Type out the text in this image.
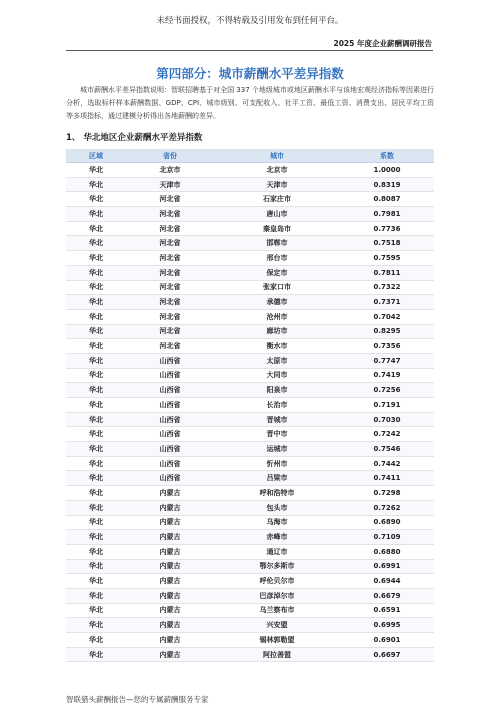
未经书面授权，不得转载及引用发布到任何平台。
2025 年度企业薪酬调研报告
第四部分：城市薪酬水平差异指数
城市薪酬水平差异指数说明：智联招聘基于对全国 337 个地级城市或地区薪酬水平与该地宏观经济指标等因素进行分析，选取标杆样本薪酬数据、GDP、CPI、城市级别、可支配收入、社平工资、最低工资、消费支出、居民平均工资等多项指标，通过建模分析得出各地薪酬的差异。
1、 华北地区企业薪酬水平差异指数
区域	省份	城市	系数
华北	北京市	北京市	1.0000
华北	天津市	天津市	0.8319
华北	河北省	石家庄市	0.8087
华北	河北省	唐山市	0.7981
华北	河北省	秦皇岛市	0.7736
华北	河北省	邯郸市	0.7518
华北	河北省	邢台市	0.7595
华北	河北省	保定市	0.7811
华北	河北省	张家口市	0.7322
华北	河北省	承德市	0.7371
华北	河北省	沧州市	0.7042
华北	河北省	廊坊市	0.8295
华北	河北省	衡水市	0.7356
华北	山西省	太原市	0.7747
华北	山西省	大同市	0.7419
华北	山西省	阳泉市	0.7256
华北	山西省	长治市	0.7191
华北	山西省	晋城市	0.7030
华北	山西省	晋中市	0.7242
华北	山西省	运城市	0.7546
华北	山西省	忻州市	0.7442
华北	山西省	吕梁市	0.7411
华北	内蒙古	呼和浩特市	0.7298
华北	内蒙古	包头市	0.7262
华北	内蒙古	乌海市	0.6890
华北	内蒙古	赤峰市	0.7109
华北	内蒙古	通辽市	0.6880
华北	内蒙古	鄂尔多斯市	0.6991
华北	内蒙古	呼伦贝尔市	0.6944
华北	内蒙古	巴彦淖尔市	0.6679
华北	内蒙古	乌兰察布市	0.6591
华北	内蒙古	兴安盟	0.6995
华北	内蒙古	锡林郭勒盟	0.6901
华北	内蒙古	阿拉善盟	0.6697
智联猎头薪酬报告—您的专属薪酬服务专家
